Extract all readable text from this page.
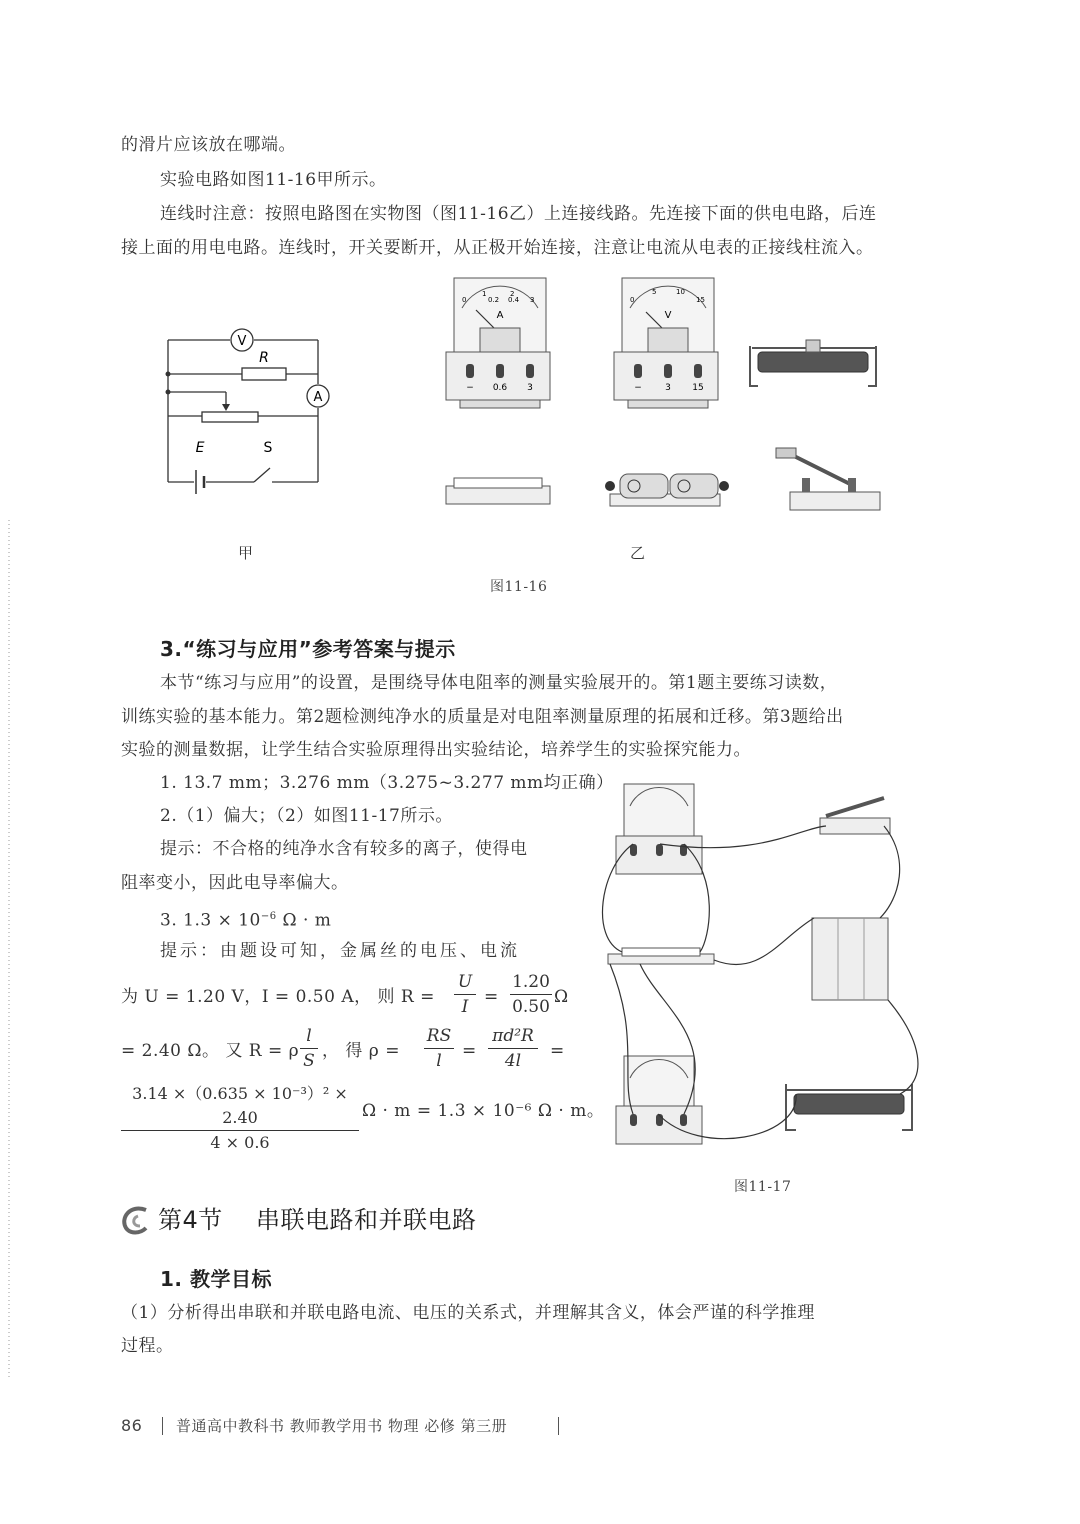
的滑片应该放在哪端。
实验电路如图11-16甲所示。
连线时注意：按照电路图在实物图（图11-16乙）上连接线路。先连接下面的供电电路，后连
接上面的用电电路。连线时，开关要断开，从正极开始连接，注意让电流从电表的正接线柱流入。
V
A
R
E	S
A
0
1
0.2
2
0.4 3
− 0.6 3
V
0
5	10
15
−	3 15
甲	乙
图11-16
3.“练习与应用”参考答案与提示
本节“练习与应用”的设置，是围绕导体电阻率的测量实验展开的。第1题主要练习读数，
训练实验的基本能力。第2题检测纯净水的质量是对电阻率测量原理的拓展和迁移。第3题给出
实验的测量数据，让学生结合实验原理得出实验结论，培养学生的实验探究能力。
1. 13.7 mm；3.276 mm（3.275~3.277 mm均正确）
2.（1）偏大；（2）如图11-17所示。
提示：不合格的纯净水含有较多的离子，使得电
阻率变小，因此电导率偏大。
3. $1.3 \times 10^{-6}$ Ω · m
提示：由题设可知，金属丝的电压、电流
为 U = 1.20 V，I = 0.50 A， 则 $R = \frac{U}{I} = \frac{1.20}{0.50}$ Ω
= 2.40 Ω。 又 R = ρ $\frac{l}{S}$ ， 得 $\rho = \frac{RS}{l} = \frac{\text{πd²R}}{4l}$ =
$\frac{\text{3.14 ×（0.635 × 10⁻³）² × 2.40}}{4 \times 0.6}$ Ω · m = 1.3 × 10⁻⁶ Ω · m。
图11-17
第4节 串联电路和并联电路
1. 教学目标
（1）分析得出串联和并联电路电流、电压的关系式，并理解其含义，体会严谨的科学推理
过程。
86 普通高中教科书 教师教学用书 物理 必修 第三册
